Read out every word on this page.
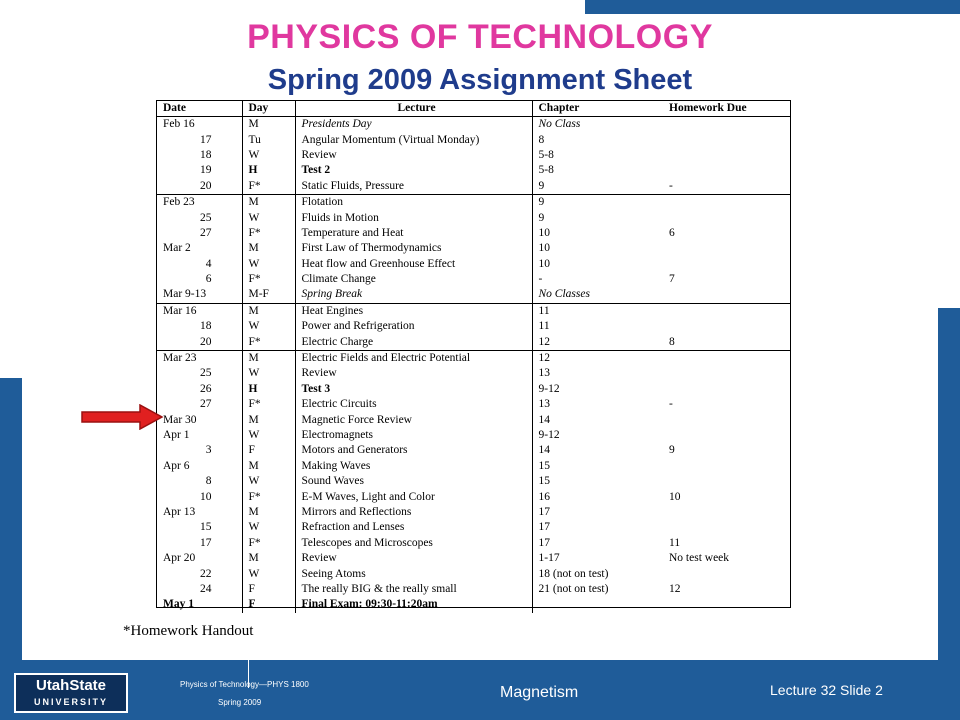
PHYSICS OF TECHNOLOGY
Spring 2009 Assignment Sheet
Date	Day	Lecture	Chapter	Homework Due
Feb 16	M	Presidents Day	No Class	
17	Tu	Angular Momentum (Virtual Monday)	8	
18	W	Review	5-8	
19	H	Test 2	5-8	
20	F*	Static Fluids, Pressure	9	-
Feb 23	M	Flotation	9	
25	W	Fluids in Motion	9	
27	F*	Temperature and Heat	10	6
Mar 2	M	First Law of Thermodynamics	10	
4	W	Heat flow and Greenhouse Effect	10	
6	F*	Climate Change	-	7
Mar 9-13	M-F	Spring Break	No Classes	
Mar 16	M	Heat Engines	11	
18	W	Power and Refrigeration	11	
20	F*	Electric Charge	12	8
Mar 23	M	Electric Fields and Electric Potential	12	
25	W	Review	13	
26	H	Test 3	9-12	
27	F*	Electric Circuits	13	-
Mar 30	M	Magnetic Force Review	14	
Apr 1	W	Electromagnets	9-12	
3	F	Motors and Generators	14	9
Apr 6	M	Making Waves	15	
8	W	Sound Waves	15	
10	F*	E-M Waves, Light and Color	16	10
Apr 13	M	Mirrors and Reflections	17	
15	W	Refraction and Lenses	17	
17	F*	Telescopes and Microscopes	17	11
Apr 20	M	Review	1-17	No test week
22	W	Seeing Atoms	18 (not on test)	
24	F	The really BIG & the really small	21 (not on test)	12
May 1	F	Final Exam: 09:30-11:20am		
*Homework Handout
UtahState
UNIVERSITY
Physics of Technology—PHYS 1800
Spring 2009
Magnetism	Lecture 32 Slide 2
